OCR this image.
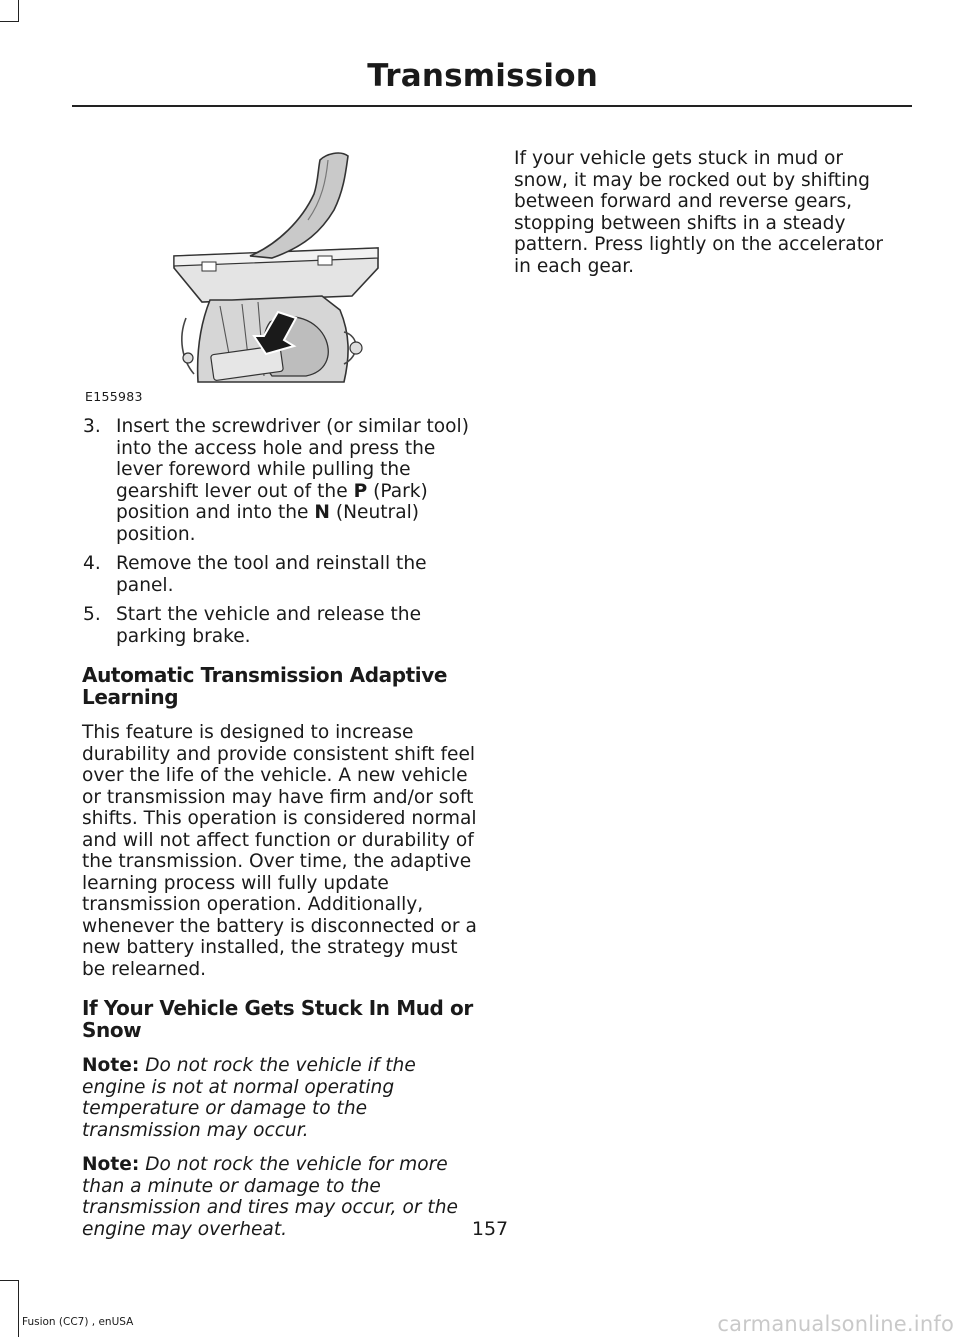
Transmission
E155983
3. Insert the screwdriver (or similar tool) into the access hole and press the lever foreword while pulling the gearshift lever out of the P (Park) position and into the N (Neutral) position.
4. Remove the tool and reinstall the panel.
5. Start the vehicle and release the parking brake.
Automatic Transmission Adaptive Learning

This feature is designed to increase durability and provide consistent shift feel over the life of the vehicle. A new vehicle or transmission may have firm and/or soft shifts. This operation is considered normal and will not affect function or durability of the transmission. Over time, the adaptive learning process will fully update transmission operation. Additionally, whenever the battery is disconnected or a new battery installed, the strategy must be relearned.

If Your Vehicle Gets Stuck In Mud or Snow

Note: Do not rock the vehicle if the engine is not at normal operating temperature or damage to the transmission may occur.

Note: Do not rock the vehicle for more than a minute or damage to the transmission and tires may occur, or the engine may overheat.

If your vehicle gets stuck in mud or snow, it may be rocked out by shifting between forward and reverse gears, stopping between shifts in a steady pattern. Press lightly on the accelerator in each gear.

157
Fusion (CC7) , enUSA	carmanualsonline.info
